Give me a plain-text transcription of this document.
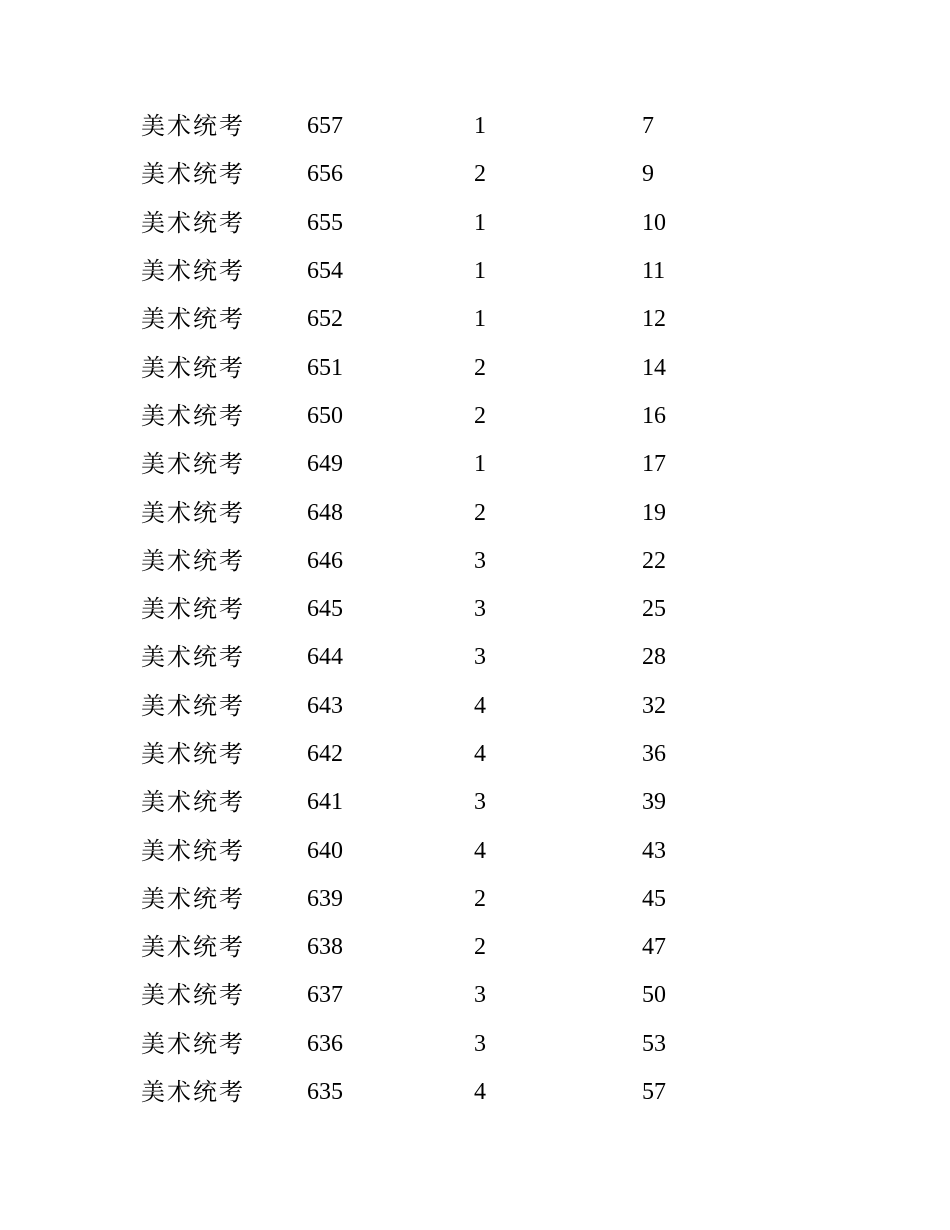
美术统考	657	1	7
美术统考	656	2	9
美术统考	655	1	10
美术统考	654	1	11
美术统考	652	1	12
美术统考	651	2	14
美术统考	650	2	16
美术统考	649	1	17
美术统考	648	2	19
美术统考	646	3	22
美术统考	645	3	25
美术统考	644	3	28
美术统考	643	4	32
美术统考	642	4	36
美术统考	641	3	39
美术统考	640	4	43
美术统考	639	2	45
美术统考	638	2	47
美术统考	637	3	50
美术统考	636	3	53
美术统考	635	4	57
